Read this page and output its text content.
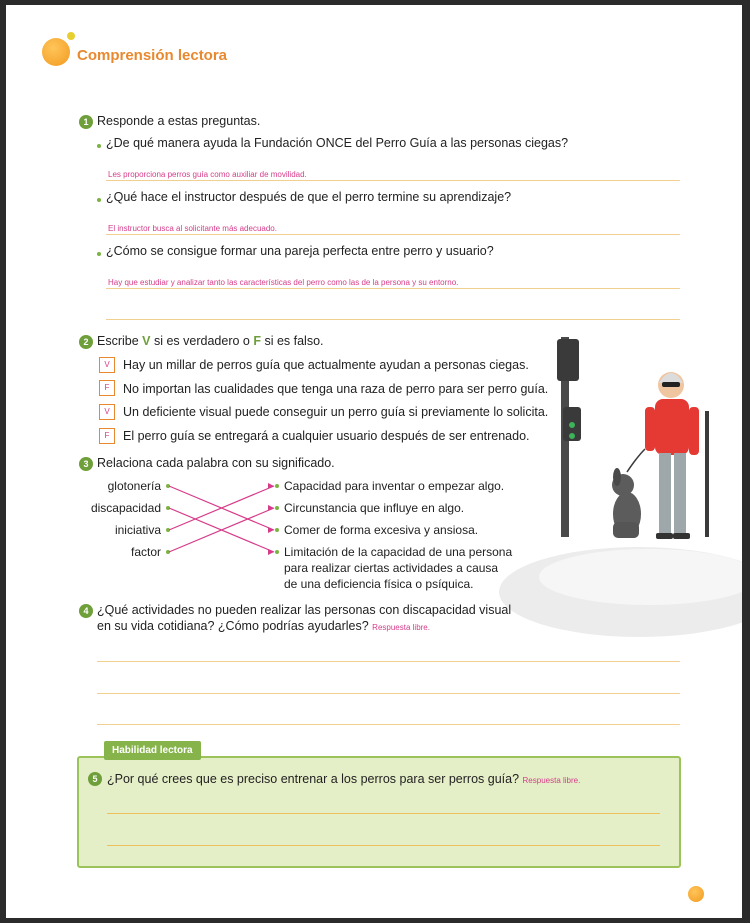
Comprensión lectora
1 Responde a estas preguntas.
¿De qué manera ayuda la Fundación ONCE del Perro Guía a las personas ciegas?
Les proporciona perros guía como auxiliar de movilidad.
¿Qué hace el instructor después de que el perro termine su aprendizaje?
El instructor busca al solicitante más adecuado.
¿Cómo se consigue formar una pareja perfecta entre perro y usuario?
Hay que estudiar y analizar tanto las características del perro como las de la persona y su entorno.
2 Escribe V si es verdadero o F si es falso.
V	Hay un millar de perros guía que actualmente ayudan a personas ciegas.
F	No importan las cualidades que tenga una raza de perro para ser perro guía.
V	Un deficiente visual puede conseguir un perro guía si previamente lo solicita.
F	El perro guía se entregará a cualquier usuario después de ser entrenado.
3 Relaciona cada palabra con su significado.
glotonería
discapacidad
iniciativa
factor
Capacidad para inventar o empezar algo.
Circunstancia que influye en algo.
Comer de forma excesiva y ansiosa.
Limitación de la capacidad de una persona
para realizar ciertas actividades a causa
de una deficiencia física o psíquica.
4 ¿Qué actividades no pueden realizar las personas con discapacidad visual
en su vida cotidiana? ¿Cómo podrías ayudarles? Respuesta libre.
Habilidad lectora
5 ¿Por qué crees que es preciso entrenar a los perros para ser perros guía? Respuesta libre.
